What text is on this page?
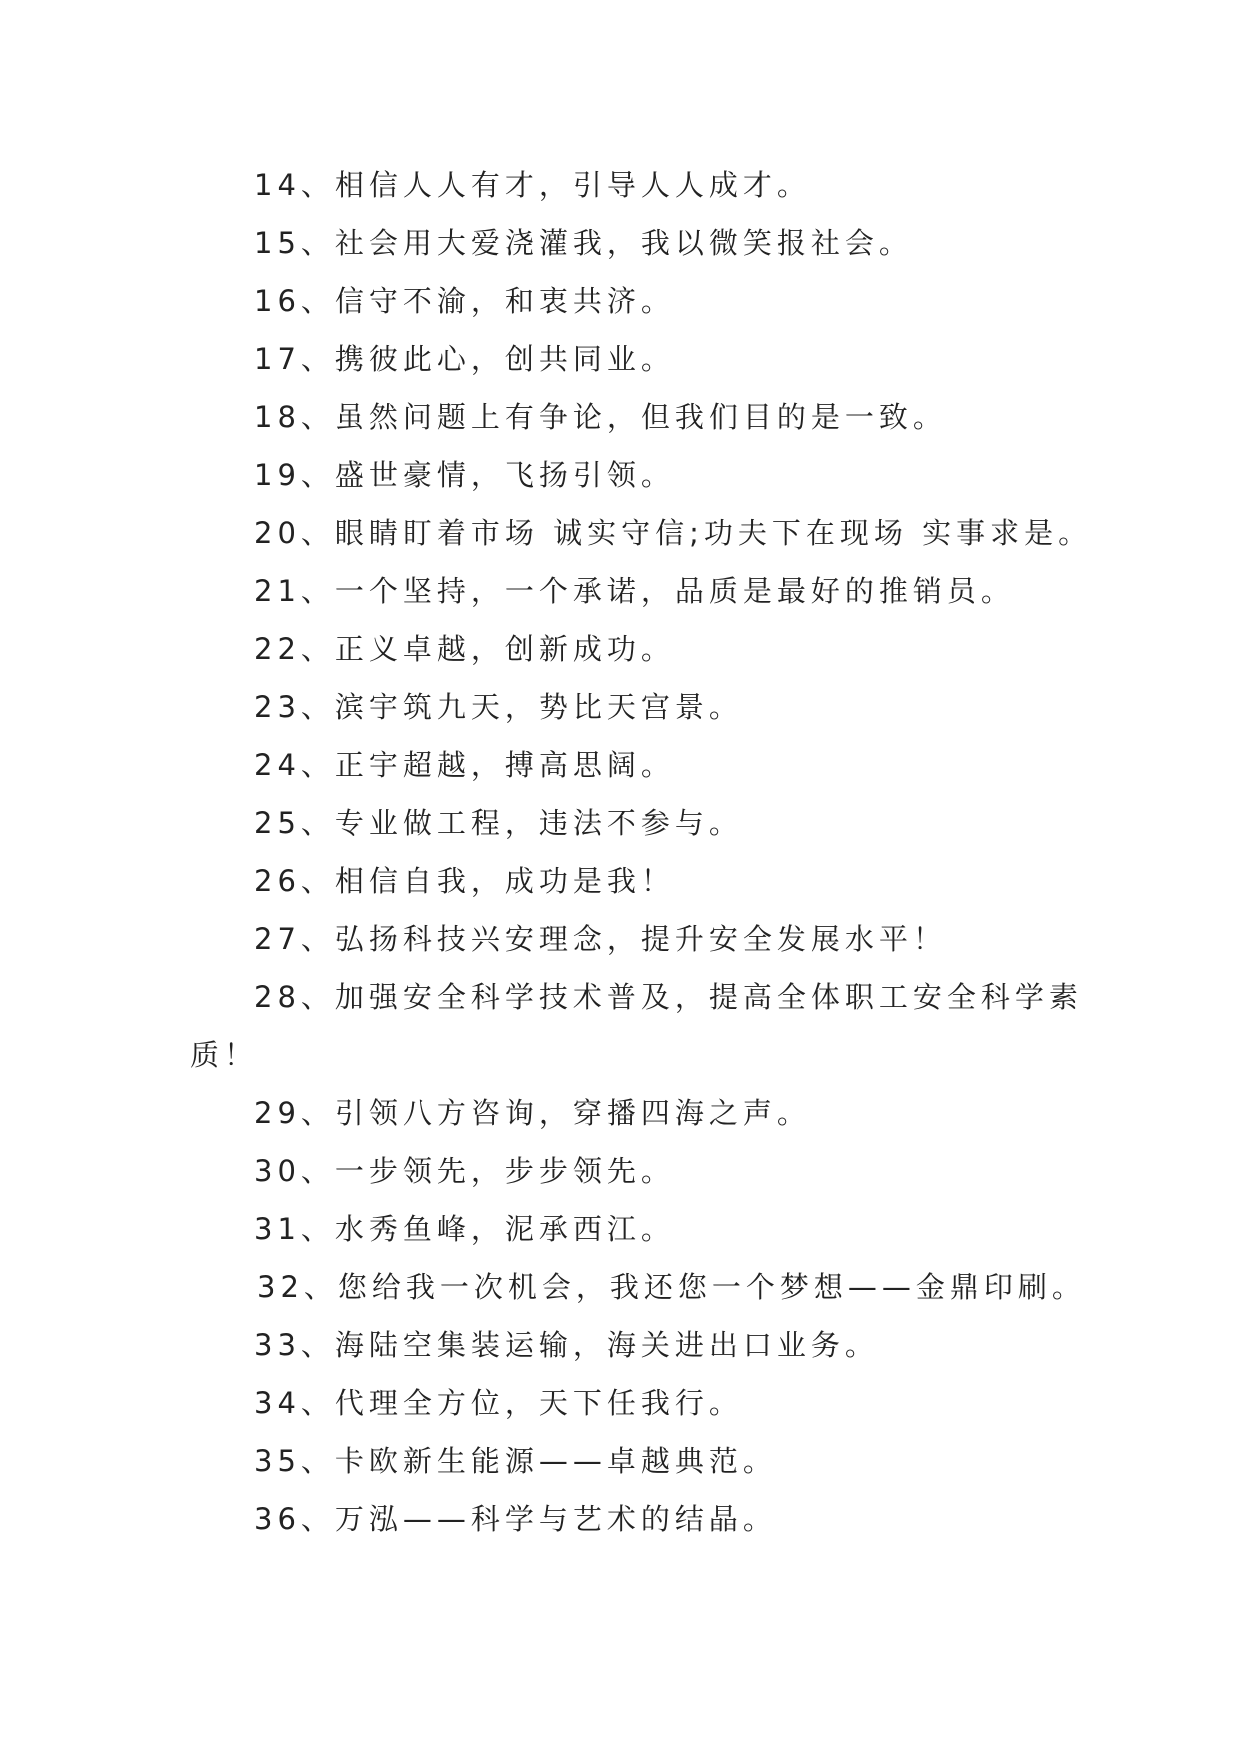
14、相信人人有才，引导人人成才。

15、社会用大爱浇灌我，我以微笑报社会。

16、信守不渝，和衷共济。

17、携彼此心，创共同业。

18、虽然问题上有争论，但我们目的是一致。

19、盛世豪情，飞扬引领。

20、眼睛盯着市场 诚实守信;功夫下在现场 实事求是。

21、一个坚持，一个承诺，品质是最好的推销员。

22、正义卓越，创新成功。

23、滨宇筑九天，势比天宫景。

24、正宇超越，搏高思阔。

25、专业做工程，违法不参与。

26、相信自我，成功是我！

27、弘扬科技兴安理念，提升安全发展水平！

28、加强安全科学技术普及，提高全体职工安全科学素

质！

29、引领八方咨询，穿播四海之声。

30、一步领先，步步领先。

31、水秀鱼峰，泥承西江。

32、您给我一次机会，我还您一个梦想——金鼎印刷。

33、海陆空集装运输，海关进出口业务。

34、代理全方位，天下任我行。

35、卡欧新生能源——卓越典范。

36、万泓——科学与艺术的结晶。
